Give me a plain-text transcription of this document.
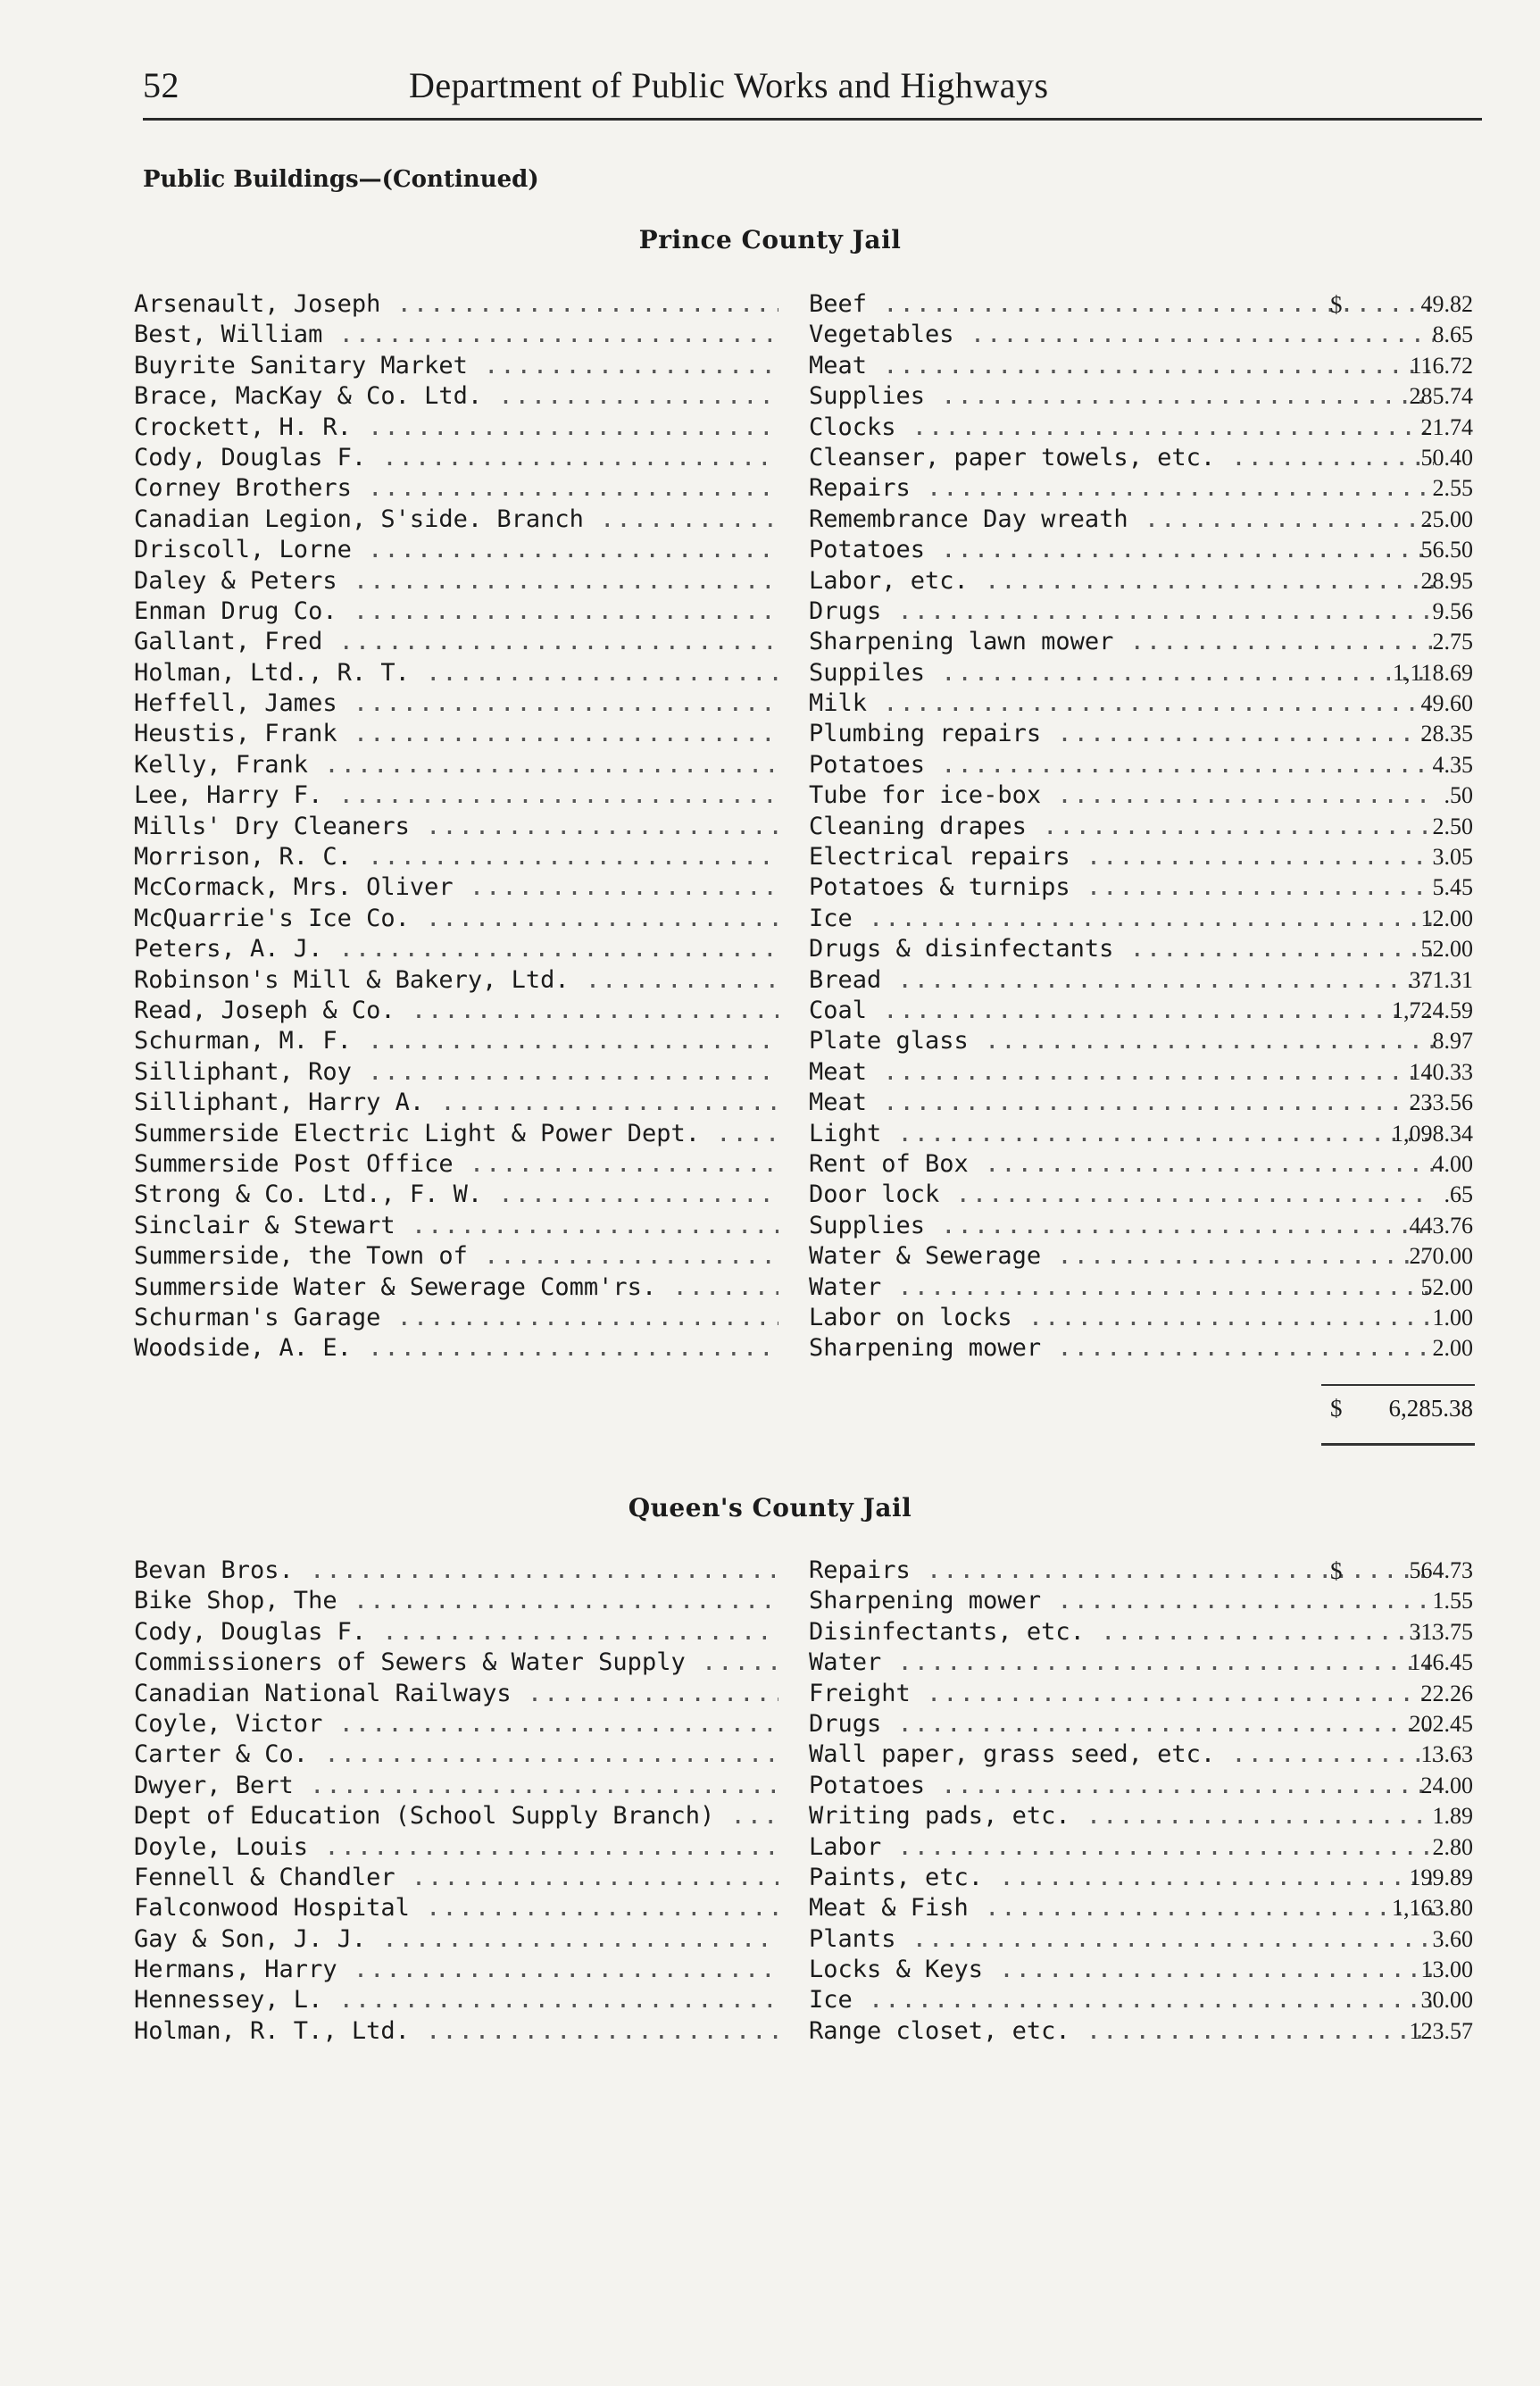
52	Department of Public Works and Highways
Public Buildings—(Continued)
Prince County Jail
Arsenault, Joseph .....	Beef .....	$	49.82
Best, William .....	Vegetables .....	8.65
Buyrite Sanitary Market .....	Meat .....	116.72
Brace, MacKay & Co. Ltd. .....	Supplies .....	285.74
Crockett, H. R. .....	Clocks .....	21.74
Cody, Douglas F. .....	Cleanser, paper towels, etc. .....	50.40
Corney Brothers .....	Repairs .....	2.55
Canadian Legion, S'side. Branch .....	Remembrance Day wreath .....	25.00
Driscoll, Lorne .....	Potatoes .....	56.50
Daley & Peters .....	Labor, etc. .....	28.95
Enman Drug Co. .....	Drugs .....	9.56
Gallant, Fred .....	Sharpening lawn mower .....	2.75
Holman, Ltd., R. T. .....	Suppiles .....	1,118.69
Heffell, James .....	Milk .....	49.60
Heustis, Frank .....	Plumbing repairs .....	28.35
Kelly, Frank .....	Potatoes .....	4.35
Lee, Harry F. .....	Tube for ice-box .....	.50
Mills' Dry Cleaners .....	Cleaning drapes .....	2.50
Morrison, R. C. .....	Electrical repairs .....	3.05
McCormack, Mrs. Oliver .....	Potatoes & turnips .....	5.45
McQuarrie's Ice Co. .....	Ice .....	12.00
Peters, A. J. .....	Drugs & disinfectants .....	52.00
Robinson's Mill & Bakery, Ltd. .....	Bread .....	371.31
Read, Joseph & Co. .....	Coal .....	1,724.59
Schurman, M. F. .....	Plate glass .....	8.97
Silliphant, Roy .....	Meat .....	140.33
Silliphant, Harry A. .....	Meat .....	233.56
Summerside Electric Light & Power Dept. .....	Light .....	1,098.34
Summerside Post Office .....	Rent of Box .....	4.00
Strong & Co. Ltd., F. W. .....	Door lock .....	.65
Sinclair & Stewart .....	Supplies .....	443.76
Summerside, the Town of .....	Water & Sewerage .....	270.00
Summerside Water & Sewerage Comm'rs. .....	Water .....	52.00
Schurman's Garage .....	Labor on locks .....	1.00
Woodside, A. E. .....	Sharpening mower .....	2.00
$ 6,285.38
Queen's County Jail
Bevan Bros. .....	Repairs .....	$	564.73
Bike Shop, The .....	Sharpening mower .....	1.55
Cody, Douglas F. .....	Disinfectants, etc. .....	313.75
Commissioners of Sewers & Water Supply .....	Water .....	146.45
Canadian National Railways .....	Freight .....	22.26
Coyle, Victor .....	Drugs .....	202.45
Carter & Co. .....	Wall paper, grass seed, etc. .....	13.63
Dwyer, Bert .....	Potatoes .....	24.00
Dept of Education (School Supply Branch) .....	Writing pads, etc. .....	1.89
Doyle, Louis .....	Labor .....	2.80
Fennell & Chandler .....	Paints, etc. .....	199.89
Falconwood Hospital .....	Meat & Fish .....	1,163.80
Gay & Son, J. J. .....	Plants .....	3.60
Hermans, Harry .....	Locks & Keys .....	13.00
Hennessey, L. .....	Ice .....	30.00
Holman, R. T., Ltd. .....	Range closet, etc. .....	123.57
